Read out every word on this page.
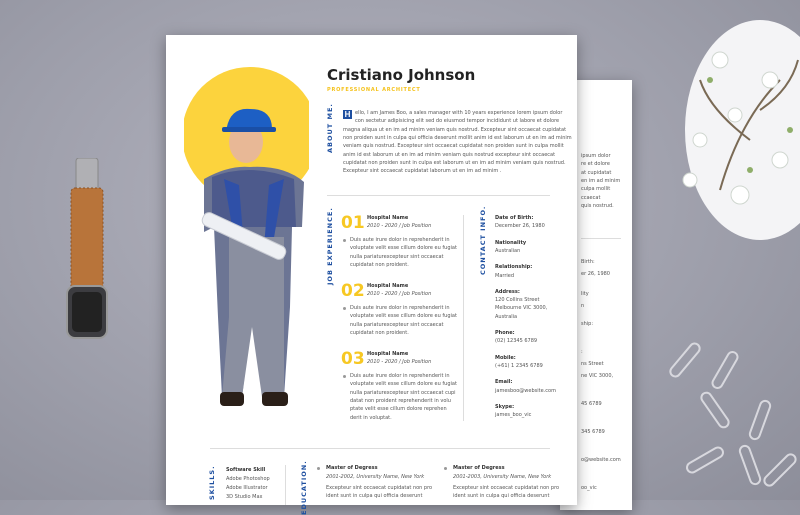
ipsum dolor
re et dolore
at cupidatat
en im ad minim
culpa mollit
ccaecat
quis nostrud.
Birth:
er 26, 1980
lity
n
ship:
:
ns Street
ne VIC 3000,
45 6789
345 6789
o@website.com
oo_vic
Cristiano Johnson
PROFESSIONAL ARCHITECT
ABOUT ME. H ello, I am James Boo, a sales manager with 10 years experience lorem ipsum dolor
con sectetur adipisicing elit sed do eiusmod tempor incididunt ut labore et dolore
magna aliqua ut en im ad minim veniam quis nostrud. Excepteur sint occaecat cupidatat
non proiden sunt in culpa qui officia deserunt mollit anim id est laborum ut en im ad minim
veniam quis nostrud. Excepteur sint occaecat cupidatat non proiden sunt in culpa mollit
anim id est laborum ut en im ad minim veniam quis nostrud excepteur sint occaecat
cupidatat non proiden sunt in culpa est laborum ut en im ad minim veniam quis nostrud.
Excepteur sint occaecat cupidatat laborum ut en im ad minim .
JOB EXPERIENCE. 01 Hospital Name
2010 - 2020 / Job Position
Duis aute irure dolor in reprehenderit in
voluptate velit esse cillum dolore eu fugiat
nulla pariaturexcepteur sint occaecat
cupidatat non proident.
02 Hospital Name
2010 - 2020 / Job Position
Duis aute irure dolor in reprehenderit in
voluptate velit esse cillum dolore eu fugiat
nulla pariaturexcepteur sint occaecat
cupidatat non proident.
03 Hospital Name
2010 - 2020 / Job Position
Duis aute irure dolor in reprehenderit in
voluptate velit esse cillum dolore eu fugiat
nulla pariaturexcepteur sint occaecat cupi
datat non proident reprehenderit in volu
ptate velit esse cillum dolore reprehen
derit in voluptat.
CONTACT INFO. Date of Birth:
December 26, 1980
Nationality
Australian
Relationship:
Married
Address:
120 Collins Street
Melbourne VIC 3000,
Australia
Phone:
(02) 12345 6789
Mobile:
(+61) 1 2345 6789
Email:
jamesboo@website.com
Skype:
james_boo_vic
SKILLS. Software Skill
Adobe Photoshop
Adobe Illustrator
3D Studio Max	EDUCATION.	Master of Degress
2001-2002, University Name, New York
Excepteur sint occaecat cupidatat non pro
ident sunt in culpa qui officia deserunt
Master of Degress
2001-2003, University Name, New York
Excepteur sint occaecat cupidatat non pro
ident sunt in culpa qui officia deserunt
